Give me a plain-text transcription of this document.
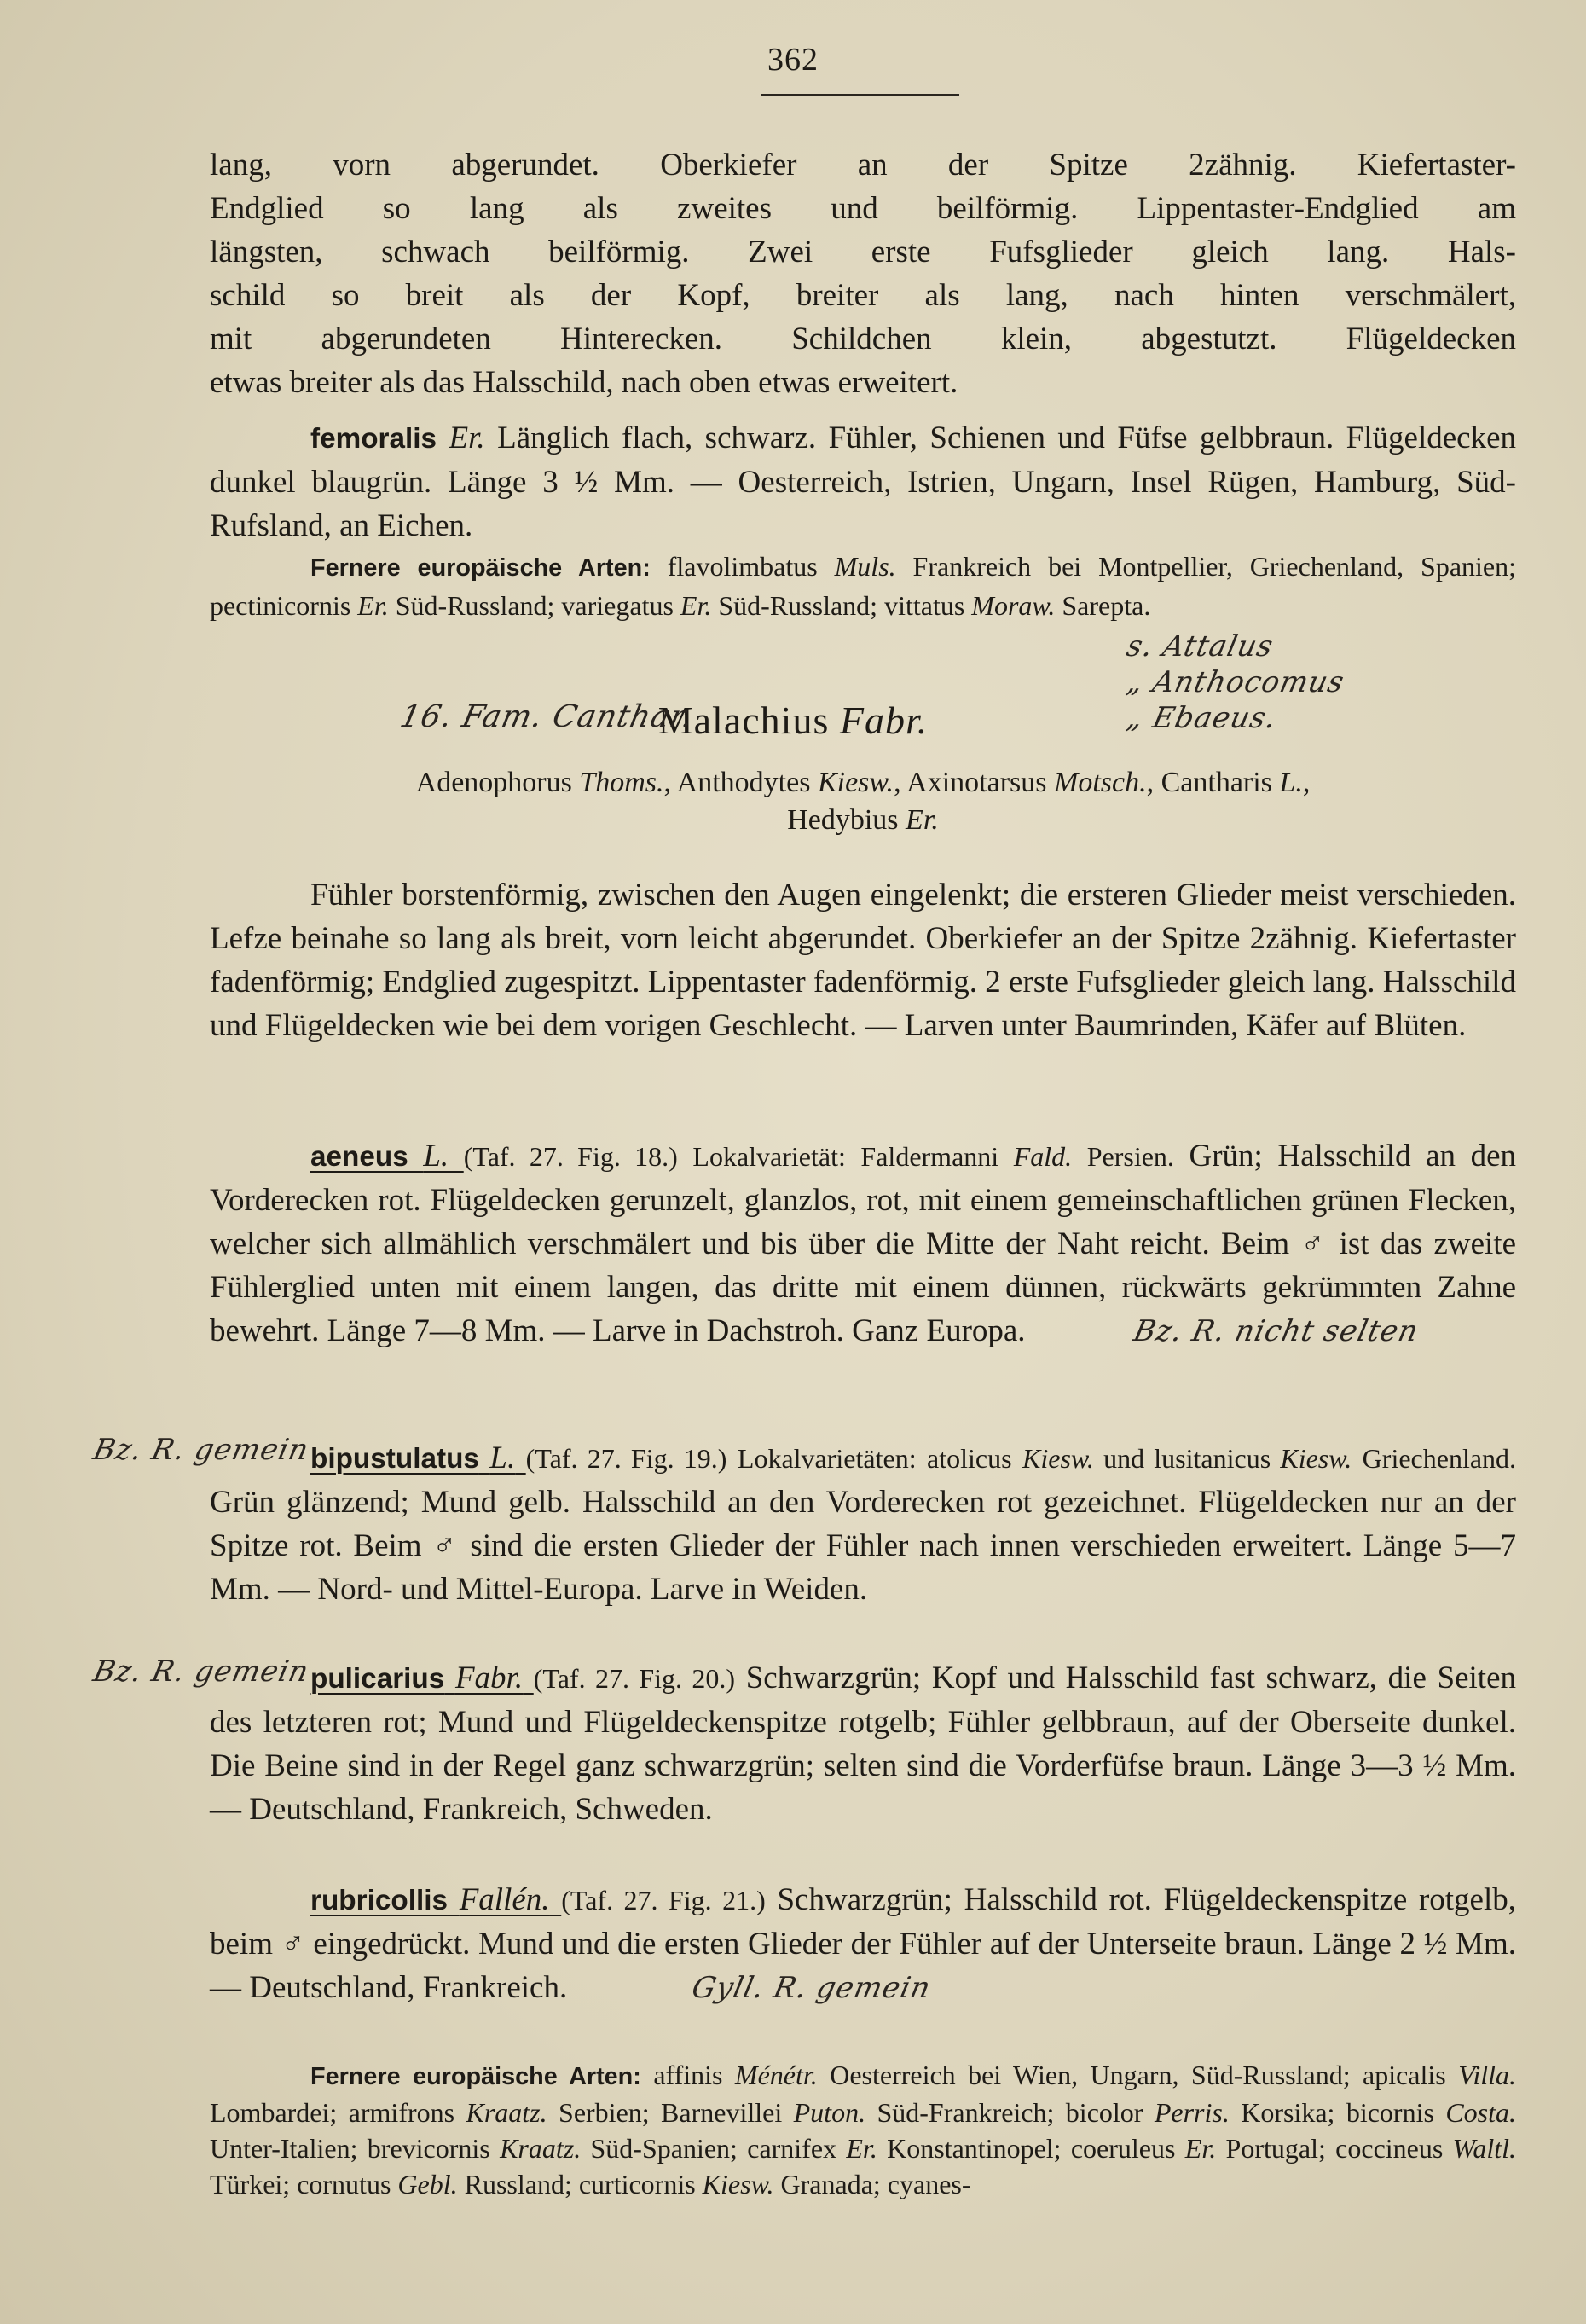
362

lang, vorn abgerundet. Oberkiefer an der Spitze 2zähnig. Kiefertaster-

Endglied so lang als zweites und beilförmig. Lippentaster-Endglied am

längsten, schwach beilförmig. Zwei erste Fufsglieder gleich lang. Hals-

schild so breit als der Kopf, breiter als lang, nach hinten verschmälert,

mit abgerundeten Hinterecken. Schildchen klein, abgestutzt. Flügeldecken

etwas breiter als das Halsschild, nach oben etwas erweitert.

femoralis Er. Länglich flach, schwarz. Fühler, Schienen und Füfse gelbbraun. Flügeldecken dunkel blaugrün. Länge 3 ½ Mm. — Oesterreich, Istrien, Ungarn, Insel Rügen, Hamburg, Süd-Rufsland, an Eichen.

Fernere europäische Arten: flavolimbatus Muls. Frankreich bei Montpellier, Griechenland, Spanien; pectinicornis Er. Süd-Russland; variegatus Er. Süd-Russland; vittatus Moraw. Sarepta.

Malachius Fabr.
16. Fam. Canthar.
s. Attalus
„ Anthocomus
„ Ebaeus.
Adenophorus Thoms., Anthodytes Kiesw., Axinotarsus Motsch., Cantharis L.,
Hedybius Er.

Fühler borstenförmig, zwischen den Augen eingelenkt; die ersteren Glieder meist verschieden. Lefze beinahe so lang als breit, vorn leicht abgerundet. Oberkiefer an der Spitze 2zähnig. Kiefertaster fadenförmig; Endglied zugespitzt. Lippentaster fadenförmig. 2 erste Fufsglieder gleich lang. Halsschild und Flügeldecken wie bei dem vorigen Geschlecht. — Larven unter Baumrinden, Käfer auf Blüten.

aeneus L. (Taf. 27. Fig. 18.) Lokalvarietät: Faldermanni Fald. Persien. Grün; Halsschild an den Vorderecken rot. Flügeldecken gerunzelt, glanzlos, rot, mit einem gemeinschaftlichen grünen Flecken, welcher sich allmählich verschmälert und bis über die Mitte der Naht reicht. Beim ♂ ist das zweite Fühlerglied unten mit einem langen, das dritte mit einem dünnen, rückwärts gekrümmten Zahne bewehrt. Länge 7—8 Mm. — Larve in Dachstroh. Ganz Europa.	Bz. R. nicht selten

Bz. R. gemein

bipustulatus L. (Taf. 27. Fig. 19.) Lokalvarietäten: atolicus Kiesw. und lusitanicus Kiesw. Griechenland. Grün glänzend; Mund gelb. Halsschild an den Vorderecken rot gezeichnet. Flügeldecken nur an der Spitze rot. Beim ♂ sind die ersten Glieder der Fühler nach innen verschieden erweitert. Länge 5—7 Mm. — Nord- und Mittel-Europa. Larve in Weiden.

Bz. R. gemein

pulicarius Fabr. (Taf. 27. Fig. 20.) Schwarzgrün; Kopf und Halsschild fast schwarz, die Seiten des letzteren rot; Mund und Flügeldeckenspitze rotgelb; Fühler gelbbraun, auf der Oberseite dunkel. Die Beine sind in der Regel ganz schwarzgrün; selten sind die Vorderfüfse braun. Länge 3—3 ½ Mm. — Deutschland, Frankreich, Schweden.

rubricollis Fallén. (Taf. 27. Fig. 21.) Schwarzgrün; Halsschild rot. Flügeldeckenspitze rotgelb, beim ♂ eingedrückt. Mund und die ersten Glieder der Fühler auf der Unterseite braun. Länge 2 ½ Mm. — Deutschland, Frankreich.	Gyll. R. gemein

Fernere europäische Arten: affinis Ménétr. Oesterreich bei Wien, Ungarn, Süd-Russland; apicalis Villa. Lombardei; armifrons Kraatz. Serbien; Barnevillei Puton. Süd-Frankreich; bicolor Perris. Korsika; bicornis Costa. Unter-Italien; brevicornis Kraatz. Süd-Spanien; carnifex Er. Konstantinopel; coeruleus Er. Portugal; coccineus Waltl. Türkei; cornutus Gebl. Russland; curticornis Kiesw. Granada; cyanes-
